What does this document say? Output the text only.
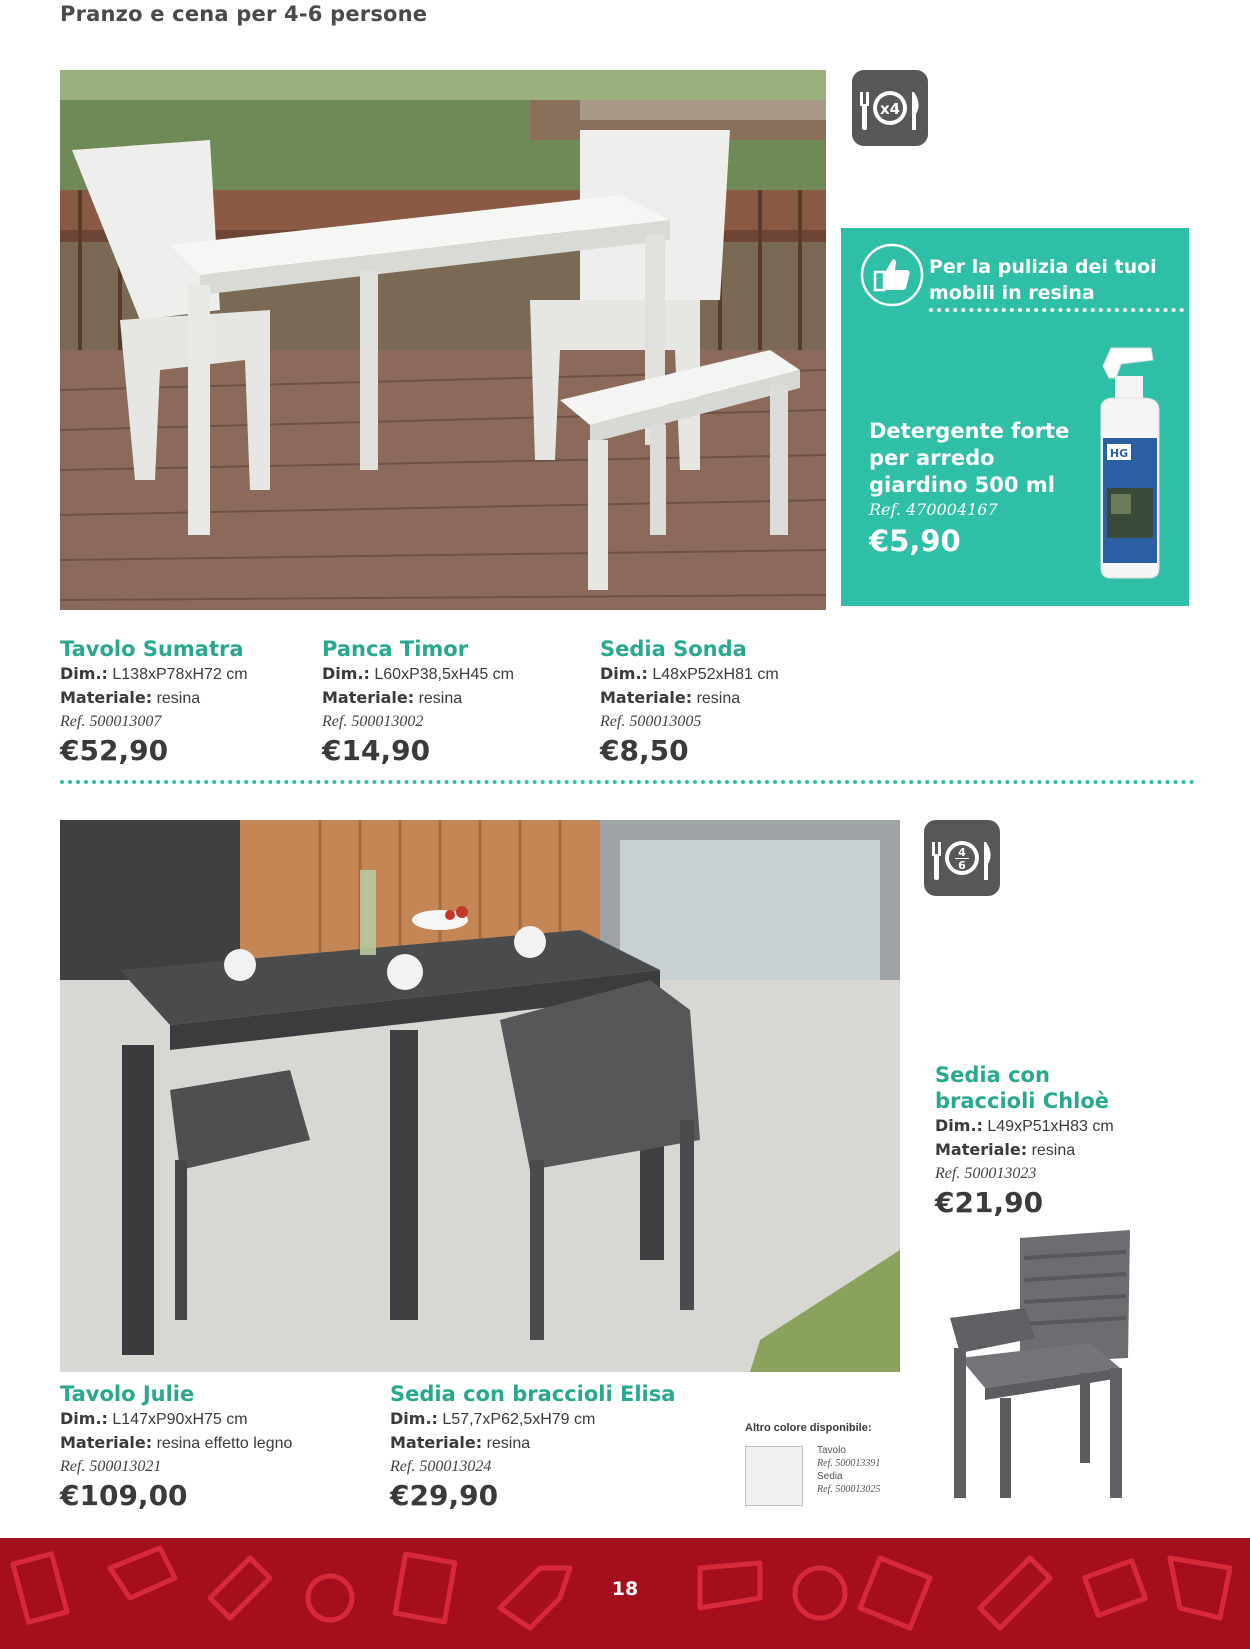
Pranzo e cena per 4-6 persone
x4
Per la pulizia dei tuoi mobili in resina
Detergente forte per arredo giardino 500 ml
Ref. 470004167
€5,90
HG
Tavolo Sumatra
Dim.: L138xP78xH72 cm
Materiale: resina
Ref. 500013007
€52,90
Panca Timor
Dim.: L60xP38,5xH45 cm
Materiale: resina
Ref. 500013002
€14,90
Sedia Sonda
Dim.: L48xP52xH81 cm
Materiale: resina
Ref. 500013005
€8,50
4
6
Sedia con braccioli Chloè
Dim.: L49xP51xH83 cm
Materiale: resina
Ref. 500013023
€21,90
Tavolo Julie
Dim.: L147xP90xH75 cm
Materiale: resina effetto legno
Ref. 500013021
€109,00
Sedia con braccioli Elisa
Dim.: L57,7xP62,5xH79 cm
Materiale: resina
Ref. 500013024
€29,90
Altro colore disponibile:
Tavolo
Ref. 500013391
Sedia
Ref. 500013025
18
